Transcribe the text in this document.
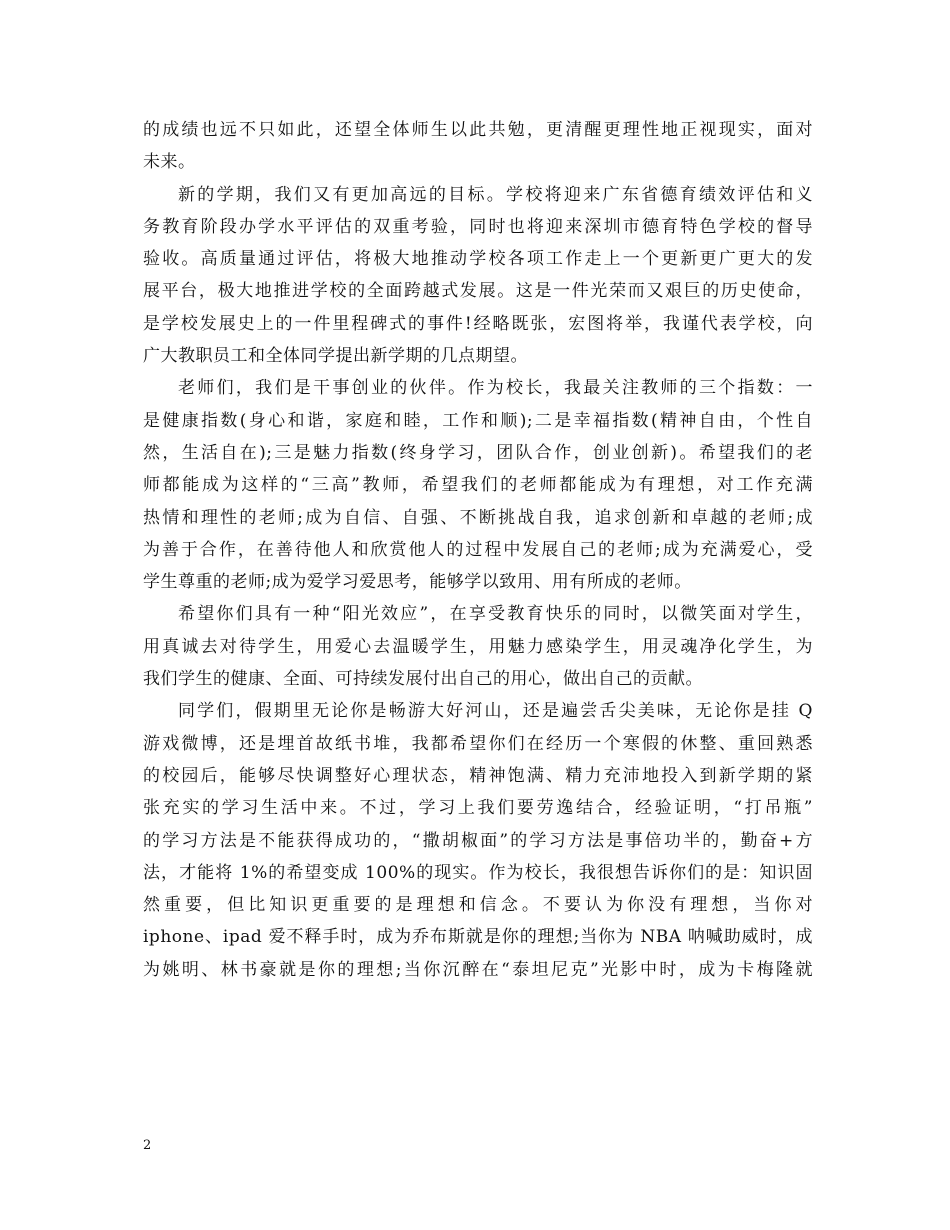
的成绩也远不只如此，还望全体师生以此共勉，更清醒更理性地正视现实，面对
未来。
新的学期，我们又有更加高远的目标。学校将迎来广东省德育绩效评估和义
务教育阶段办学水平评估的双重考验，同时也将迎来深圳市德育特色学校的督导
验收。高质量通过评估，将极大地推动学校各项工作走上一个更新更广更大的发
展平台，极大地推进学校的全面跨越式发展。这是一件光荣而又艰巨的历史使命，
是学校发展史上的一件里程碑式的事件!经略既张，宏图将举，我谨代表学校，向
广大教职员工和全体同学提出新学期的几点期望。
老师们，我们是干事创业的伙伴。作为校长，我最关注教师的三个指数：一
是健康指数(身心和谐，家庭和睦，工作和顺);二是幸福指数(精神自由，个性自
然，生活自在);三是魅力指数(终身学习，团队合作，创业创新)。希望我们的老
师都能成为这样的“三高”教师，希望我们的老师都能成为有理想，对工作充满
热情和理性的老师;成为自信、自强、不断挑战自我，追求创新和卓越的老师;成
为善于合作，在善待他人和欣赏他人的过程中发展自己的老师;成为充满爱心，受
学生尊重的老师;成为爱学习爱思考，能够学以致用、用有所成的老师。
希望你们具有一种“阳光效应”，在享受教育快乐的同时，以微笑面对学生，
用真诚去对待学生，用爱心去温暖学生，用魅力感染学生，用灵魂净化学生，为
我们学生的健康、全面、可持续发展付出自己的用心，做出自己的贡献。
同学们，假期里无论你是畅游大好河山，还是遍尝舌尖美味，无论你是挂 Q
游戏微博，还是埋首故纸书堆，我都希望你们在经历一个寒假的休整、重回熟悉
的校园后，能够尽快调整好心理状态，精神饱满、精力充沛地投入到新学期的紧
张充实的学习生活中来。不过，学习上我们要劳逸结合，经验证明，“打吊瓶”
的学习方法是不能获得成功的，“撒胡椒面”的学习方法是事倍功半的，勤奋+方
法，才能将 1%的希望变成 100%的现实。作为校长，我很想告诉你们的是：知识固
然重要，但比知识更重要的是理想和信念。不要认为你没有理想，当你对
iphone、ipad 爱不释手时，成为乔布斯就是你的理想;当你为 NBA 呐喊助威时，成
为姚明、林书豪就是你的理想;当你沉醉在“泰坦尼克”光影中时，成为卡梅隆就
2
